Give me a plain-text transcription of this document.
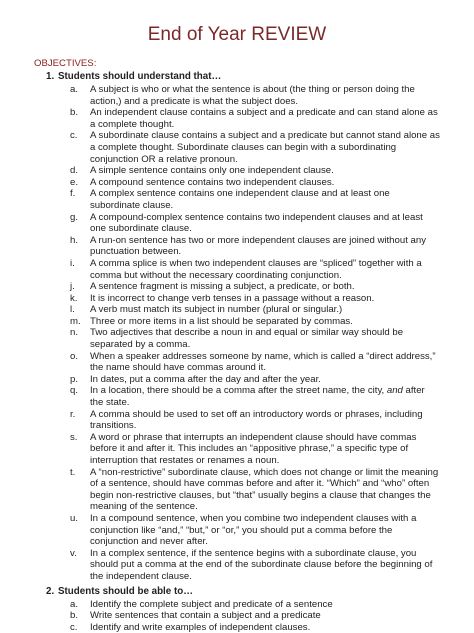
End of Year REVIEW
OBJECTIVES:
1. Students should understand that…
a.	A subject is who or what the sentence is about (the thing or person doing the action,) and a predicate is what the subject does.
b.	An independent clause contains a subject and a predicate and can stand alone as a complete thought.
c.	A subordinate clause contains a subject and a predicate but cannot stand alone as a complete thought. Subordinate clauses can begin with a subordinating conjunction OR a relative pronoun.
d.	A simple sentence contains only one independent clause.
e.	A compound sentence contains two independent clauses.
f.	A complex sentence contains one independent clause and at least one subordinate clause.
g.	A compound-complex sentence contains two independent clauses and at least one subordinate clause.
h.	A run-on sentence has two or more independent clauses are joined without any punctuation between.
i.	A comma splice is when two independent clauses are “spliced” together with a comma but without the necessary coordinating conjunction.
j.	A sentence fragment is missing a subject, a predicate, or both.
k.	It is incorrect to change verb tenses in a passage without a reason.
l.	A verb must match its subject in number (plural or singular.)
m. Three or more items in a list should be separated by commas.
n.	Two adjectives that describe a noun in and equal or similar way should be separated by a comma.
o.	When a speaker addresses someone by name, which is called a “direct address,” the name should have commas around it.
p.	In dates, put a comma after the day and after the year.
q.	In a location, there should be a comma after the street name, the city, and after the state.
r.	A comma should be used to set off an introductory words or phrases, including transitions.
s.	A word or phrase that interrupts an independent clause should have commas before it and after it. This includes an “appositive phrase,” a specific type of interruption that restates or renames a noun.
t.	A “non-restrictive” subordinate clause, which does not change or limit the meaning of a sentence, should have commas before and after it. “Which” and “who” often begin non-restrictive clauses, but “that” usually begins a clause that changes the meaning of the sentence.
u.	In a compound sentence, when you combine two independent clauses with a conjunction like “and,” “but,” or “or,” you should put a comma before the conjunction and never after.
v.	In a complex sentence, if the sentence begins with a subordinate clause, you should put a comma at the end of the subordinate clause before the beginning of the independent clause.
2. Students should be able to…
a.	Identify the complete subject and predicate of a sentence
b.	Write sentences that contain a subject and a predicate
c.	Identify and write examples of independent clauses.
